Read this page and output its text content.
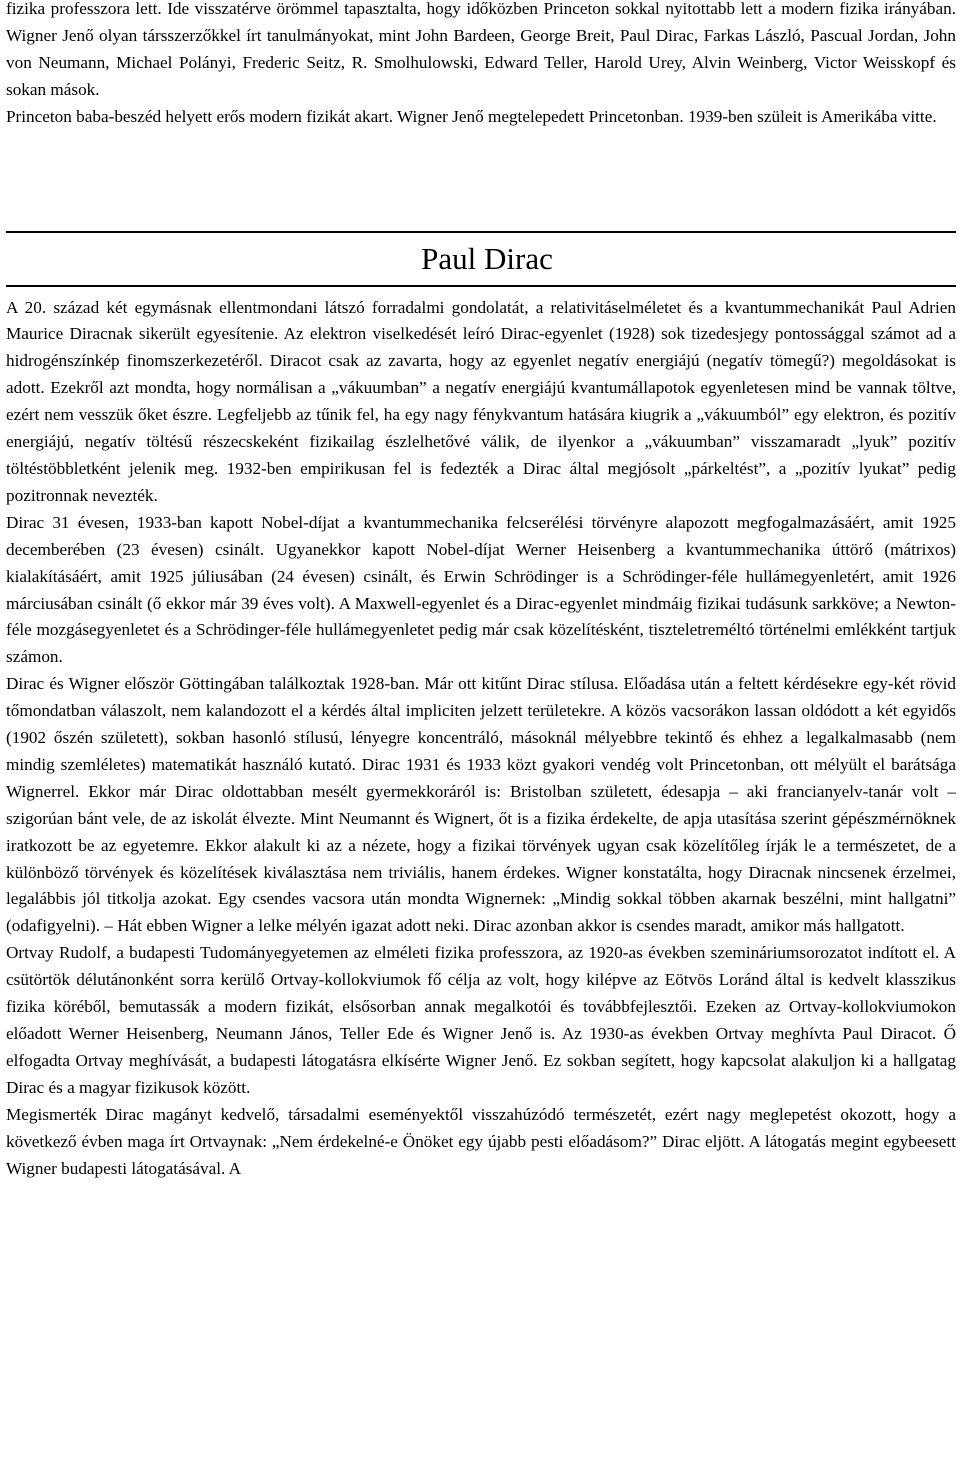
fizika professzora lett. Ide visszatérve örömmel tapasztalta, hogy időközben Princeton sokkal nyitottabb lett a modern fizika irányában. Wigner Jenő olyan társszerzőkkel írt tanulmányokat, mint John Bardeen, George Breit, Paul Dirac, Farkas László, Pascual Jordan, John von Neumann, Michael Polányi, Frederic Seitz, R. Smolhulowski, Edward Teller, Harold Urey, Alvin Weinberg, Victor Weisskopf és sokan mások.

Princeton baba-beszéd helyett erős modern fizikát akart. Wigner Jenő megtelepedett Princetonban. 1939-ben szüleit is Amerikába vitte.

Paul Dirac

A 20. század két egymásnak ellentmondani látszó forradalmi gondolatát, a relativitáselméletet és a kvantummechanikát Paul Adrien Maurice Diracnak sikerült egyesítenie. Az elektron viselkedését leíró Dirac-egyenlet (1928) sok tizedesjegy pontossággal számot ad a hidrogénszínkép finomszerkezetéről. Diracot csak az zavarta, hogy az egyenlet negatív energiájú (negatív tömegű?) megoldásokat is adott. Ezekről azt mondta, hogy normálisan a „vákuumban” a negatív energiájú kvantumállapotok egyenletesen mind be vannak töltve, ezért nem vesszük őket észre. Legfeljebb az tűnik fel, ha egy nagy fénykvantum hatására kiugrik a „vákuumból” egy elektron, és pozitív energiájú, negatív töltésű részecskeként fizikailag észlelhetővé válik, de ilyenkor a „vákuumban” visszamaradt „lyuk” pozitív töltéstöbbletként jelenik meg. 1932-ben empirikusan fel is fedezték a Dirac által megjósolt „párkeltést”, a „pozitív lyukat” pedig pozitronnak nevezték.

Dirac 31 évesen, 1933-ban kapott Nobel-díjat a kvantummechanika felcserélési törvényre alapozott megfogalmazásáért, amit 1925 decemberében (23 évesen) csinált. Ugyanekkor kapott Nobel-díjat Werner Heisenberg a kvantummechanika úttörő (mátrixos) kialakításáért, amit 1925 júliusában (24 évesen) csinált, és Erwin Schrödinger is a Schrödinger-féle hullámegyenletért, amit 1926 márciusában csinált (ő ekkor már 39 éves volt). A Maxwell-egyenlet és a Dirac-egyenlet mindmáig fizikai tudásunk sarkköve; a Newton-féle mozgásegyenletet és a Schrödinger-féle hullámegyenletet pedig már csak közelítésként, tiszteletreméltó történelmi emlékként tartjuk számon.

Dirac és Wigner először Göttingában találkoztak 1928-ban. Már ott kitűnt Dirac stílusa. Előadása után a feltett kérdésekre egy-két rövid tőmondatban válaszolt, nem kalandozott el a kérdés által impliciten jelzett területekre. A közös vacsorákon lassan oldódott a két egyidős (1902 őszén született), sokban hasonló stílusú, lényegre koncentráló, másoknál mélyebbre tekintő és ehhez a legalkalmasabb (nem mindig szemléletes) matematikát használó kutató. Dirac 1931 és 1933 közt gyakori vendég volt Princetonban, ott mélyült el barátsága Wignerrel. Ekkor már Dirac oldottabban mesélt gyermekkoráról is: Bristolban született, édesapja – aki francianyelv-tanár volt – szigorúan bánt vele, de az iskolát élvezte. Mint Neumannt és Wignert, őt is a fizika érdekelte, de apja utasítása szerint gépészmérnöknek iratkozott be az egyetemre. Ekkor alakult ki az a nézete, hogy a fizikai törvények ugyan csak közelítőleg írják le a természetet, de a különböző törvények és közelítések kiválasztása nem triviális, hanem érdekes. Wigner konstatálta, hogy Diracnak nincsenek érzelmei, legalábbis jól titkolja azokat. Egy csendes vacsora után mondta Wignernek: „Mindig sokkal többen akarnak beszélni, mint hallgatni” (odafigyelni). – Hát ebben Wigner a lelke mélyén igazat adott neki. Dirac azonban akkor is csendes maradt, amikor más hallgatott.

Ortvay Rudolf, a budapesti Tudományegyetemen az elméleti fizika professzora, az 1920-as években szemináriumsorozatot indított el. A csütörtök délutánonként sorra kerülő Ortvay-kollokviumok fő célja az volt, hogy kilépve az Eötvös Loránd által is kedvelt klasszikus fizika köréből, bemutassák a modern fizikát, elsősorban annak megalkotói és továbbfejlesztői. Ezeken az Ortvay-kollokviumokon előadott Werner Heisenberg, Neumann János, Teller Ede és Wigner Jenő is. Az 1930-as években Ortvay meghívta Paul Diracot. Ő elfogadta Ortvay meghívását, a budapesti látogatásra elkísérte Wigner Jenő. Ez sokban segített, hogy kapcsolat alakuljon ki a hallgatag Dirac és a magyar fizikusok között.

Megismerték Dirac magányt kedvelő, társadalmi eseményektől visszahúzódó természetét, ezért nagy meglepetést okozott, hogy a következő évben maga írt Ortvaynak: „Nem érdekelné-e Önöket egy újabb pesti előadásom?” Dirac eljött. A látogatás megint egybeesett Wigner budapesti látogatásával. A
